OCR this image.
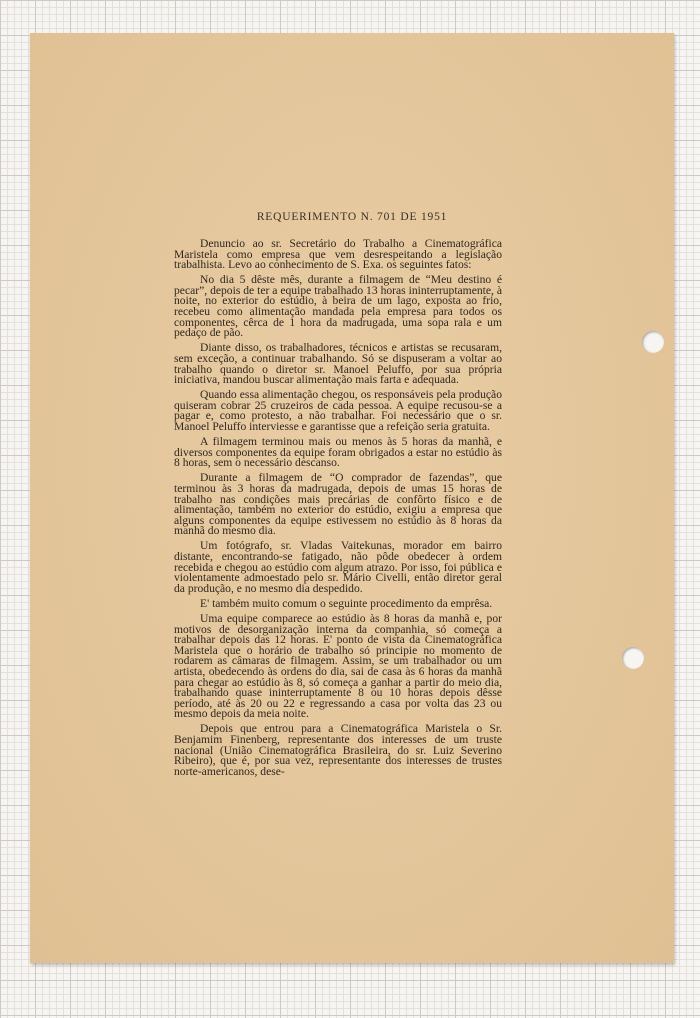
REQUERIMENTO N. 701 DE 1951

Denuncio ao sr. Secretário do Trabalho a Cinematográfica Maristela como empresa que vem desrespeitando a legislação trabalhista. Levo ao conhecimento de S. Exa. os seguintes fatos:

No dia 5 dêste mês, durante a filmagem de “Meu destino é pecar”, depois de ter a equipe trabalhado 13 horas ininterruptamente, à noite, no exterior do estúdio, à beira de um lago, exposta ao frio, recebeu como alimentação mandada pela empresa para todos os componentes, cêrca de 1 hora da madrugada, uma sopa rala e um pedaço de pão.

Diante disso, os trabalhadores, técnicos e artistas se recusaram, sem exceção, a continuar trabalhando. Só se dispuseram a voltar ao trabalho quando o diretor sr. Manoel Peluffo, por sua própria iniciativa, mandou buscar alimentação mais farta e adequada.

Quando essa alimentação chegou, os responsáveis pela produção quiseram cobrar 25 cruzeiros de cada pessoa. A equipe recusou-se a pagar e, como protesto, a não trabalhar. Foi necessário que o sr. Manoel Peluffo interviesse e garantisse que a refeição seria gratuita.

A filmagem terminou mais ou menos às 5 horas da manhã, e diversos componentes da equipe foram obrigados a estar no estúdio às 8 horas, sem o necessário descanso.

Durante a filmagem de “O comprador de fazendas”, que terminou às 3 horas da madrugada, depois de umas 15 horas de trabalho nas condições mais precárias de confôrto físico e de alimentação, também no exterior do estúdio, exigiu a empresa que alguns componentes da equipe estivessem no estúdio às 8 horas da manhã do mesmo dia.

Um fotógrafo, sr. Vladas Vaitekunas, morador em bairro distante, encontrando-se fatigado, não pôde obedecer à ordem recebida e chegou ao estúdio com algum atrazo. Por isso, foi pública e violentamente admoestado pelo sr. Mário Civelli, então diretor geral da produção, e no mesmo dia despedido.

E' também muito comum o seguinte procedimento da emprêsa.

Uma equipe comparece ao estúdio às 8 horas da manhã e, por motivos de desorganização interna da companhia, só começa a trabalhar depois das 12 horas. E' ponto de vista da Cinematográfica Maristela que o horário de trabalho só principie no momento de rodarem as câmaras de filmagem. Assim, se um trabalhador ou um artista, obedecendo às ordens do dia, sai de casa às 6 horas da manhã para chegar ao estúdio às 8, só começa a ganhar a partir do meio dia, trabalhando quase ininterruptamente 8 ou 10 horas depois dêsse período, até às 20 ou 22 e regressando a casa por volta das 23 ou mesmo depois da meia noite.

Depois que entrou para a Cinematográfica Maristela o Sr. Benjamim Finenberg, representante dos interesses de um truste nacional (União Cinematográfica Brasileira, do sr. Luiz Severino Ribeiro), que é, por sua vez, representante dos interesses de trustes norte-americanos, dese-
